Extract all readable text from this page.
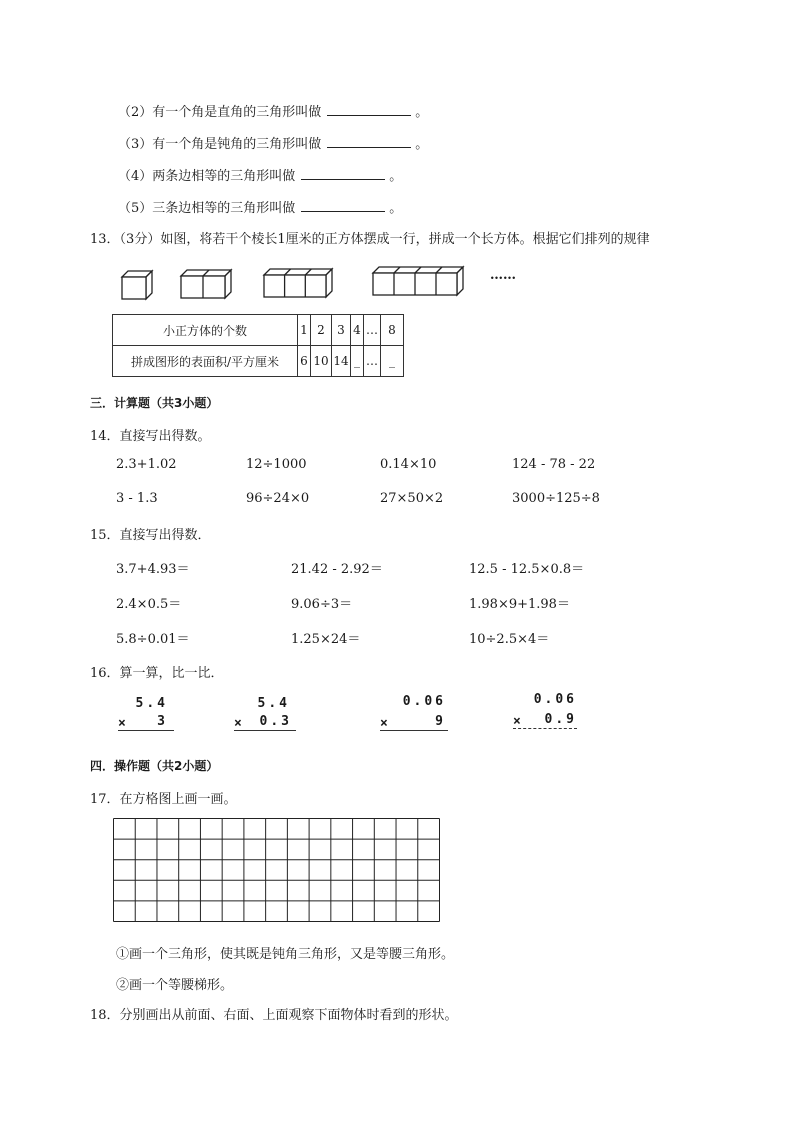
（2）有一个角是直角的三角形叫做	。
（3）有一个角是钝角的三角形叫做	。
（4）两条边相等的三角形叫做	。
（5）三条边相等的三角形叫做	。
13．（3分）如图，将若干个棱长1厘米的正方体摆成一行，拼成一个长方体。根据它们排列的规律
……
小正方体的个数	1	2	3	4	…	8
拼成图形的表面积/平方厘米	6	10	14	_	…	_
三．计算题（共3小题）
14．直接写出得数。
2.3+1.02	12÷1000	0.14×10	124 - 78 - 22
3 - 1.3	96÷24×0	27×50×2	3000÷125÷8
15．直接写出得数．
3.7+4.93＝	21.42 - 2.92＝	12.5 - 12.5×0.8＝
2.4×0.5＝	9.06÷3＝	1.98×9+1.98＝
5.8÷0.01＝	1.25×24＝	10÷2.5×4＝
16．算一算，比一比．
5.4
× 3
5.4
× 0.3
0.06
×	9
0.06
× 0.9
四．操作题（共2小题）
17．在方格图上画一画。
①画一个三角形，使其既是钝角三角形，又是等腰三角形。
②画一个等腰梯形。
18．分别画出从前面、右面、上面观察下面物体时看到的形状。
